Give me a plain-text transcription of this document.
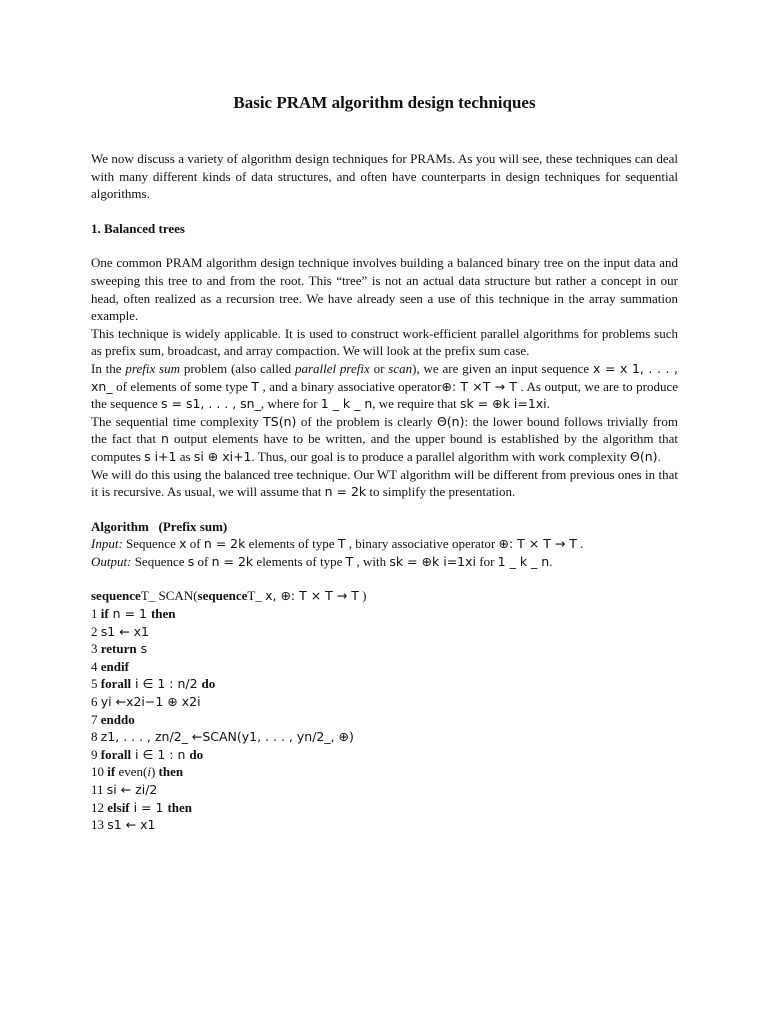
Basic PRAM algorithm design techniques

We now discuss a variety of algorithm design techniques for PRAMs. As you will see, these techniques can deal with many different kinds of data structures, and often have counterparts in design techniques for sequential algorithms.

1. Balanced trees

One common PRAM algorithm design technique involves building a balanced binary tree on the input data and sweeping this tree to and from the root. This “tree” is not an actual data structure but rather a concept in our head, often realized as a recursion tree. We have already seen a use of this technique in the array summation example.

This technique is widely applicable. It is used to construct work-efficient parallel algorithms for problems such as prefix sum, broadcast, and array compaction. We will look at the prefix sum case.

In the prefix sum problem (also called parallel prefix or scan), we are given an input sequence x = x 1, . . . , xn_ of elements of some type T , and a binary associative operator⊕: T ×T → T . As output, we are to produce the sequence s = s1, . . . , sn_, where for 1 _ k _ n, we require that sk = ⊕k i=1xi.

The sequential time complexity TS(n) of the problem is clearly Θ(n): the lower bound follows trivially from the fact that n output elements have to be written, and the upper bound is established by the algorithm that computes s i+1 as si ⊕ xi+1. Thus, our goal is to produce a parallel algorithm with work complexity Θ(n).

We will do this using the balanced tree technique. Our WT algorithm will be different from previous ones in that it is recursive. As usual, we will assume that n = 2k to simplify the presentation.

Algorithm   (Prefix sum)

Input: Sequence x of n = 2k elements of type T , binary associative operator ⊕: T × T → T .

Output: Sequence s of n = 2k elements of type T , with sk = ⊕k i=1xi for 1 _ k _ n.

sequenceT_ SCAN(sequenceT_ x, ⊕: T × T → T )

1 if n = 1 then

2 s1 ← x1

3 return s

4 endif

5 forall i ∈ 1 : n/2 do

6 yi ←x2i−1 ⊕ x2i

7 enddo

8 z1, . . . , zn/2_ ←SCAN(y1, . . . , yn/2_, ⊕)

9 forall i ∈ 1 : n do

10 if even(i) then

11 si ← zi/2

12 elsif i = 1 then

13 s1 ← x1
